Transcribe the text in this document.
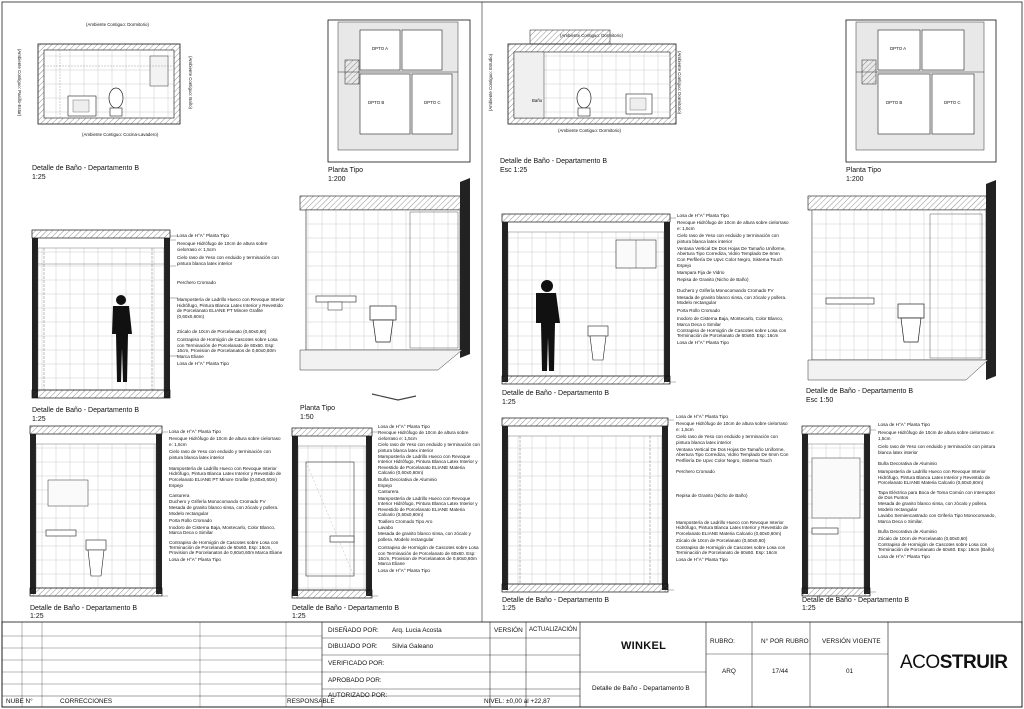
(Ambiente Contiguo: Dormitorio)
(Ambiente Contiguo: Cocina-Lavadero)
(Ambiente Contiguo: Pasillo-Estar)	(Ambiente Contiguo: Baño)
Detalle de Baño - Departamento B
1:25
DPTO A
DPTO B	DPTO C
Planta Tipo
1:200
Losa de H°A° Planta Tipo
Revoque Hidrófugo de 10cm de altura sobre cielorraso e: 1,5cm
Cielo raso de Yeso con enduido y terminación con pintura blanca latex interior
Perchero Cromado
Mampostería de Ladrillo Hueco con Revoque Interior Hidrófugo, Pintura Blanca Latex Interior y Revestido de Porcelanato ELIANE PT Minore Grafite (0,60x0,60m)
Zócalo de 10cm de Porcelanato (0,60x0,60)
Contrapiso de Hormigón de Cascotes sobre Losa con Terminación de Porcelanato de 60x60. Esp: 16cm, Provision de Porcelanatos de 0,60x0,60m Marca Eliane
Losa de H°A° Planta Tipo
Detalle de Baño - Departamento B
1:25
Planta Tipo
1:50
Losa de H°A° Planta Tipo
Revoque Hidrófugo de 10cm de altura sobre cielorraso e: 1,5cm
Cielo raso de Yeso con enduido y terminación con pintura blanca latex interior
Mampostería de Ladrillo Hueco con Revoque Interior Hidrófugo, Pintura Blanca Latex Interior y Revestido de Porcelanato ELIANE PT Minore Grafite (0,60x0,60m)
Espejo
Canturera
Duchero y Grifería Monocomando Cromado FV
Mesada de granito blanco sinsa, con zócalo y pollera. Modelo rectangular
Porta Rollo Cromado
Inodoro de Cisterna Baja, Montecarlo, Color Blanco, Marca Deca o Similar
Contrapiso de Hormigón de Cascotes sobre Losa con Terminación de Porcelanato de 60x60. Esp: 16cm, Provision de Porcelanatos de 0,60x0,60m Marca Eliane
Losa de H°A° Planta Tipo
Detalle de Baño - Departamento B
1:25
Losa de H°A° Planta Tipo
Revoque Hidrófugo de 10cm de altura sobre cielorraso e: 1,5cm
Cielo raso de Yeso con enduido y terminación con pintura blanca latex interior
Mampostería de Ladrillo Hueco con Revoque Interior Hidrófugo, Pintura Blanca Latex Interior y Revestido de Porcelanato ELIANE Materia Calcario (0,60x0,60m)
Buña Decorativa de Aluminio
Espejo
Canturera
Mampostería de Ladrillo Hueco con Revoque Interior Hidrófugo, Pintura Blanca Latex Interior y Revestido de Porcelanato ELIANE Materia Calcario (0,60x0,60m)
Toallero Cromado Tipo Aro
Lavabo
Mesada de granito blanco sinsa, con zócalo y pollera. Modelo rectangular
Contrapiso de Hormigón de Cascotes sobre Losa con Terminación de Porcelanato de 60x60. Esp: 16cm, Provision de Porcelanatos de 0,60x0,60m Marca Eliane
Losa de H°A° Planta Tipo
Detalle de Baño - Departamento B
1:25
(Ambiente Contiguo: Dormitorio)
(Ambiente Contiguo: Dormitorio)
(Ambiente Contiguo: Estudio)	(Ambiente Contiguo: Dormitorio)
Baño
Detalle de Baño - Departamento B
Esc 1:25
DPTO A
DPTO B	DPTO C
Planta Tipo
1:200
Losa de H°A° Planta Tipo
Revoque Hidrófugo de 10cm de altura sobre cielorraso e: 1,5cm
Cielo raso de Yeso con enduido y terminación con pintura blanca latex interior
Ventana Vertical De Dos Hojas De Tamaño Uniforme, Abertura Tipo Corrediza, Vidrio Templado De 6mm Con Perfilería De Upvc Color Negro, Sistema Touch
Espejo
Mampara Fija de Vidrio
Repisa de Granito (Nicho de Baño)
Duchero y Grifería Monocomando Cromado FV
Mesada de granito blanco sinsa, con zócalo y pollera. Modelo rectangular
Porta Rollo Cromado
Inodoro de Cisterna Baja, Montecarlo, Color Blanco, Marca Deca o Similar
Contrapiso de Hormigón de Cascotes sobre Losa con Terminación de Porcelanato de 60x60. Esp: 16cm
Losa de H°A° Planta Tipo
Detalle de Baño - Departamento B
1:25
Detalle de Baño - Departamento B
Esc 1:50
Losa de H°A° Planta Tipo
Revoque Hidrófugo de 10cm de altura sobre cielorraso e: 1,5cm
Cielo raso de Yeso con enduido y terminación con pintura blanca latex interior
Ventana Vertical De Dos Hojas De Tamaño Uniforme, Abertura Tipo Corrediza, Vidrio Templado De 6mm Con Perfilería De Upvc Color Negro, Sistema Touch
Perchero Cromado
Repisa de Granito (Nicho de Baño)
Mampostería de Ladrillo Hueco con Revoque Interior Hidrófugo, Pintura Blanca Latex Interior y Revestido de Porcelanato ELIANE Materia Calcario (0,60x0,60m)
Zócalo de 10cm de Porcelanato (0,60x0,60)
Contrapiso de Hormigón de Cascotes sobre Losa con Terminación de Porcelanato de 60x60. Esp: 16cm
Losa de H°A° Planta Tipo
Detalle de Baño - Departamento B
1:25
Losa de H°A° Planta Tipo
Revoque Hidrófugo de 10cm de altura sobre cielorraso e: 1,5cm
Cielo raso de Yeso con enduido y terminación con pintura blanca latex interior
Buña Decorativa de Aluminio
Mampostería de Ladrillo Hueco con Revoque Interior Hidrófugo, Pintura Blanca Latex Interior y Revestido de Porcelanato ELIANE Materia Calcario (0,60x0,60m)
Tapa Eléctrica para Boca de Toma Común con Interruptor de Dos Puntos
Mesada de granito blanco sinsa, con zócalo y pollera. Modelo rectangular
Lavabo Semiencastrado con Grifería Tipo Monocomando, Marca Deca o Similar.
Buña Decorativa de Aluminio
Zócalo de 10cm de Porcelanato (0,60x0,60)
Contrapiso de Hormigón de Cascotes sobre Losa con Terminación de Porcelanato de 60x60. Esp: 16cm (Baño)
Losa de H°A° Planta Tipo
Detalle de Baño - Departamento B
1:25
DISEÑADO POR: Arq. Lucia Acosta
DIBUJADO POR: Silvia Galeano
VERIFICADO POR:
APROBADO POR:
AUTORIZADO POR:
VERSIÓN ACTUALIZACIÓN
WINKEL
Detalle de Baño - Departamento B
RUBRO:
ARQ
N° POR RUBRO
17/44
VERSIÓN VIGENTE
01
NUBE N°	CORRECCIONES	RESPONSABLE	NIVEL: ±0,00 al +22,87
ACOSTRUIR
